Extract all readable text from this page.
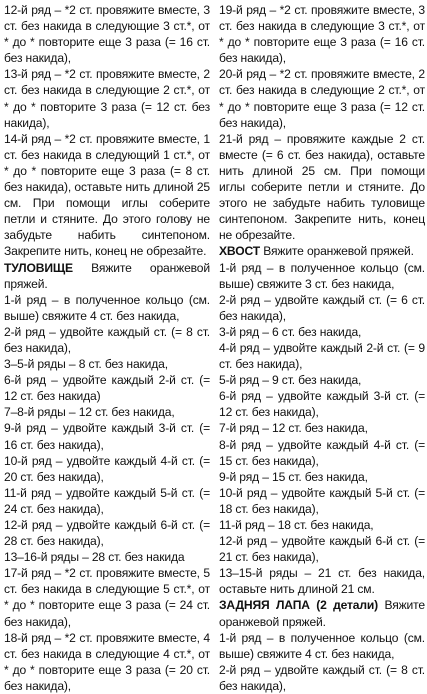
12-й ряд – *2 ст. провяжите вместе, 3 ст. без накида в следующие 3 ст.*, от * до * повторите еще 3 раза (= 16 ст. без накида),

13-й ряд – *2 ст. провяжите вместе, 2 ст. без накида в следующие 2 ст.*, от * до * повторите 3 раза (= 12 ст. без накида),

14-й ряд – *2 ст. провяжите вместе, 1 ст. без накида в следующий 1 ст.*, от * до * повторите еще 3 раза (= 8 ст. без накида), оставьте нить длиной 25 см. При помощи иглы соберите петли и стяните. До этого голову не забудьте набить синтепоном. Закрепите нить, конец не обрезайте.

ТУЛОВИЩЕ Вяжите оранжевой пряжей.

1-й ряд – в полученное кольцо (см. выше) свяжите 4 ст. без накида,

2-й ряд – удвойте каждый ст. (= 8 ст. без накида),

3–5-й ряды – 8 ст. без накида,

6-й ряд – удвойте каждый 2-й ст. (= 12 ст. без накида)

7–8-й ряды – 12 ст. без накида,

9-й ряд – удвойте каждый 3-й ст. (= 16 ст. без накида),

10-й ряд – удвойте каждый 4-й ст. (= 20 ст. без накида),

11-й ряд – удвойте каждый 5-й ст. (= 24 ст. без накида),

12-й ряд – удвойте каждый 6-й ст. (= 28 ст. без накида),

13–16-й ряды – 28 ст. без накида

17-й ряд – *2 ст. провяжите вместе, 5 ст. без накида в следующие 5 ст.*, от * до * повторите еще 3 раза (= 24 ст. без накида),

18-й ряд – *2 ст. провяжите вместе, 4 ст. без накида в следующие 4 ст.*, от * до * повторите еще 3 раза (= 20 ст. без накида),

19-й ряд – *2 ст. провяжите вместе, 3 ст. без накида в следующие 3 ст.*, от * до * повторите еще 3 раза (= 16 ст. без накида),

20-й ряд – *2 ст. провяжите вместе, 2 ст. без накида в следующие 2 ст.*, от * до * повторите еще 3 раза (= 12 ст. без накида),

21-й ряд – провяжите каждые 2 ст. вместе (= 6 ст. без накида), оставьте нить длиной 25 см. При помощи иглы соберите петли и стяните. До этого не забудьте набить туловище синтепоном. Закрепите нить, конец не обрезайте.

ХВОСТ Вяжите оранжевой пряжей.

1-й ряд – в полученное кольцо (см. выше) свяжите 3 ст. без накида,

2-й ряд – удвойте каждый ст. (= 6 ст. без накида),

3-й ряд – 6 ст. без накида,

4-й ряд – удвойте каждый 2-й ст. (= 9 ст. без накида),

5-й ряд – 9 ст. без накида,

6-й ряд – удвойте каждый 3-й ст. (= 12 ст. без накида),

7-й ряд – 12 ст. без накида,

8-й ряд – удвойте каждый 4-й ст. (= 15 ст. без накида),

9-й ряд – 15 ст. без накида,

10-й ряд – удвойте каждый 5-й ст. (= 18 ст. без накида),

11-й ряд – 18 ст. без накида,

12-й ряд – удвойте каждый 6-й ст. (= 21 ст. без накида),

13–15-й ряды – 21 ст. без накида, оставьте нить длиной 21 см.

ЗАДНЯЯ ЛАПА (2 детали) Вяжите оранжевой пряжей.

1-й ряд – в полученное кольцо (см. выше) свяжите 4 ст. без накида,

2-й ряд – удвойте каждый ст. (= 8 ст. без накида),
